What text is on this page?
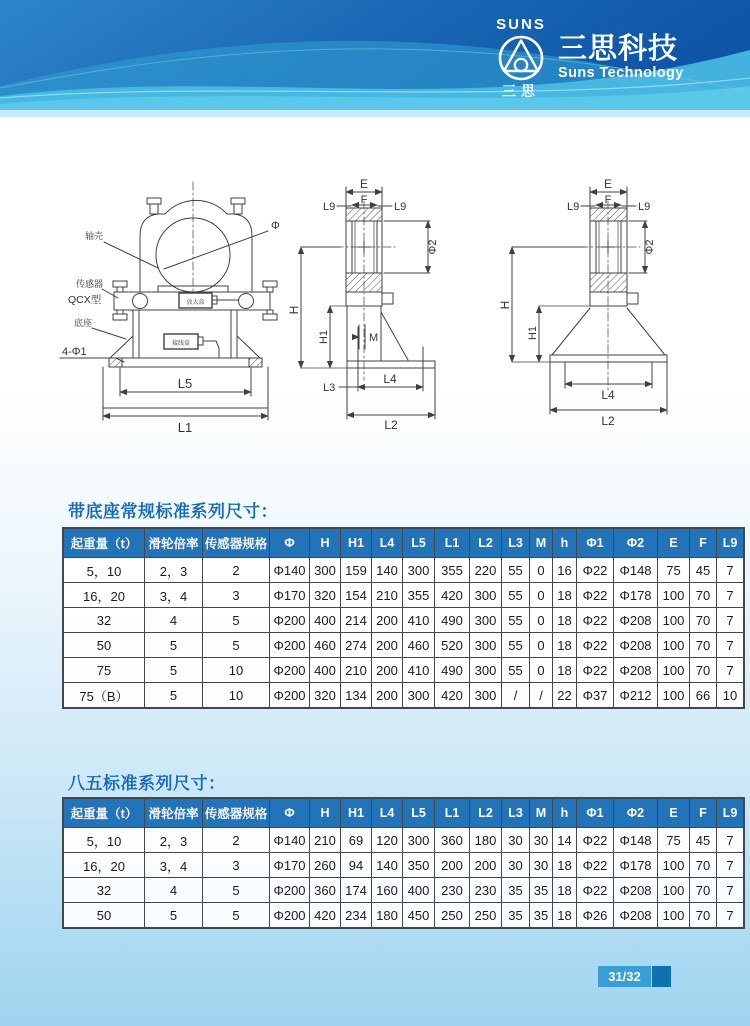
SUNS
三思
三思科技
Suns Technology
轴壳
传感器
QCX型
底座
4-Φ1
Φ
放大盒
接线盒
L5
L1
E
F
L9	L9
Φ2
H
H1	M
L3
L4
L2
E
F
L9	L9
Φ2
H
H1
L4
L2
带底座常规标准系列尺寸：
起重量（t）	滑轮倍率	传感器规格	Φ	H	H1	L4	L5	L1	L2	L3	M	h	Φ1	Φ2	E	F	L9
5，10	2，3	2	Φ140	300	159	140	300	355	220	55	0	16	Φ22	Φ148	75	45	7
16，20	3，4	3	Φ170	320	154	210	355	420	300	55	0	18	Φ22	Φ178	100	70	7
32	4	5	Φ200	400	214	200	410	490	300	55	0	18	Φ22	Φ208	100	70	7
50	5	5	Φ200	460	274	200	460	520	300	55	0	18	Φ22	Φ208	100	70	7
75	5	10	Φ200	400	210	200	410	490	300	55	0	18	Φ22	Φ208	100	70	7
75（B）	5	10	Φ200	320	134	200	300	420	300	/	/	22	Φ37	Φ212	100	66	10
八五标准系列尺寸：
起重量（t）	滑轮倍率	传感器规格	Φ	H	H1	L4	L5	L1	L2	L3	M	h	Φ1	Φ2	E	F	L9
5，10	2，3	2	Φ140	210	69	120	300	360	180	30	30	14	Φ22	Φ148	75	45	7
16，20	3，4	3	Φ170	260	94	140	350	200	200	30	30	18	Φ22	Φ178	100	70	7
32	4	5	Φ200	360	174	160	400	230	230	35	35	18	Φ22	Φ208	100	70	7
50	5	5	Φ200	420	234	180	450	250	250	35	35	18	Φ26	Φ208	100	70	7
31/32
